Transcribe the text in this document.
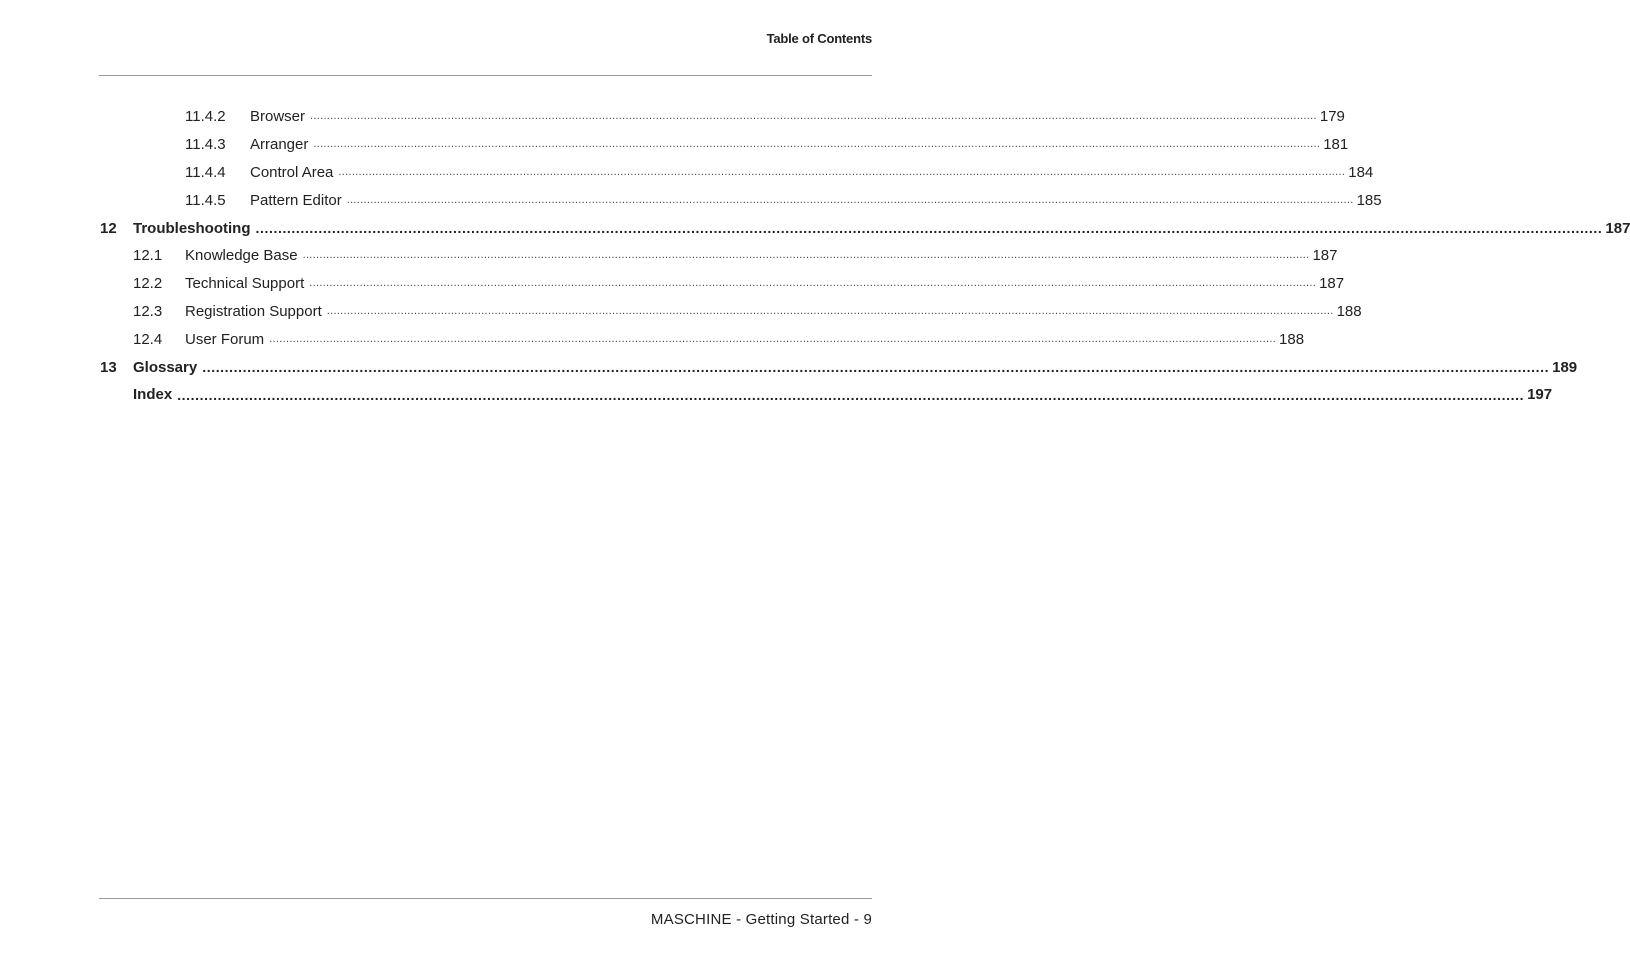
Table of Contents
11.4.2 Browser ............................................................................................................................................................................................................................................................................................................ 179
11.4.3 Arranger ............................................................................................................................................................................................................................................................................................................ 181
11.4.4 Control Area ............................................................................................................................................................................................................................................................................................................ 184
11.4.5 Pattern Editor ............................................................................................................................................................................................................................................................................................................ 185
12 Troubleshooting ............................................................................................................................................................................................................................................................................................................ 187
12.1 Knowledge Base ............................................................................................................................................................................................................................................................................................................ 187
12.2 Technical Support ............................................................................................................................................................................................................................................................................................................ 187
12.3 Registration Support ............................................................................................................................................................................................................................................................................................................ 188
12.4 User Forum ............................................................................................................................................................................................................................................................................................................ 188
13 Glossary ............................................................................................................................................................................................................................................................................................................ 189
Index ............................................................................................................................................................................................................................................................................................................ 197
MASCHINE - Getting Started - 9
